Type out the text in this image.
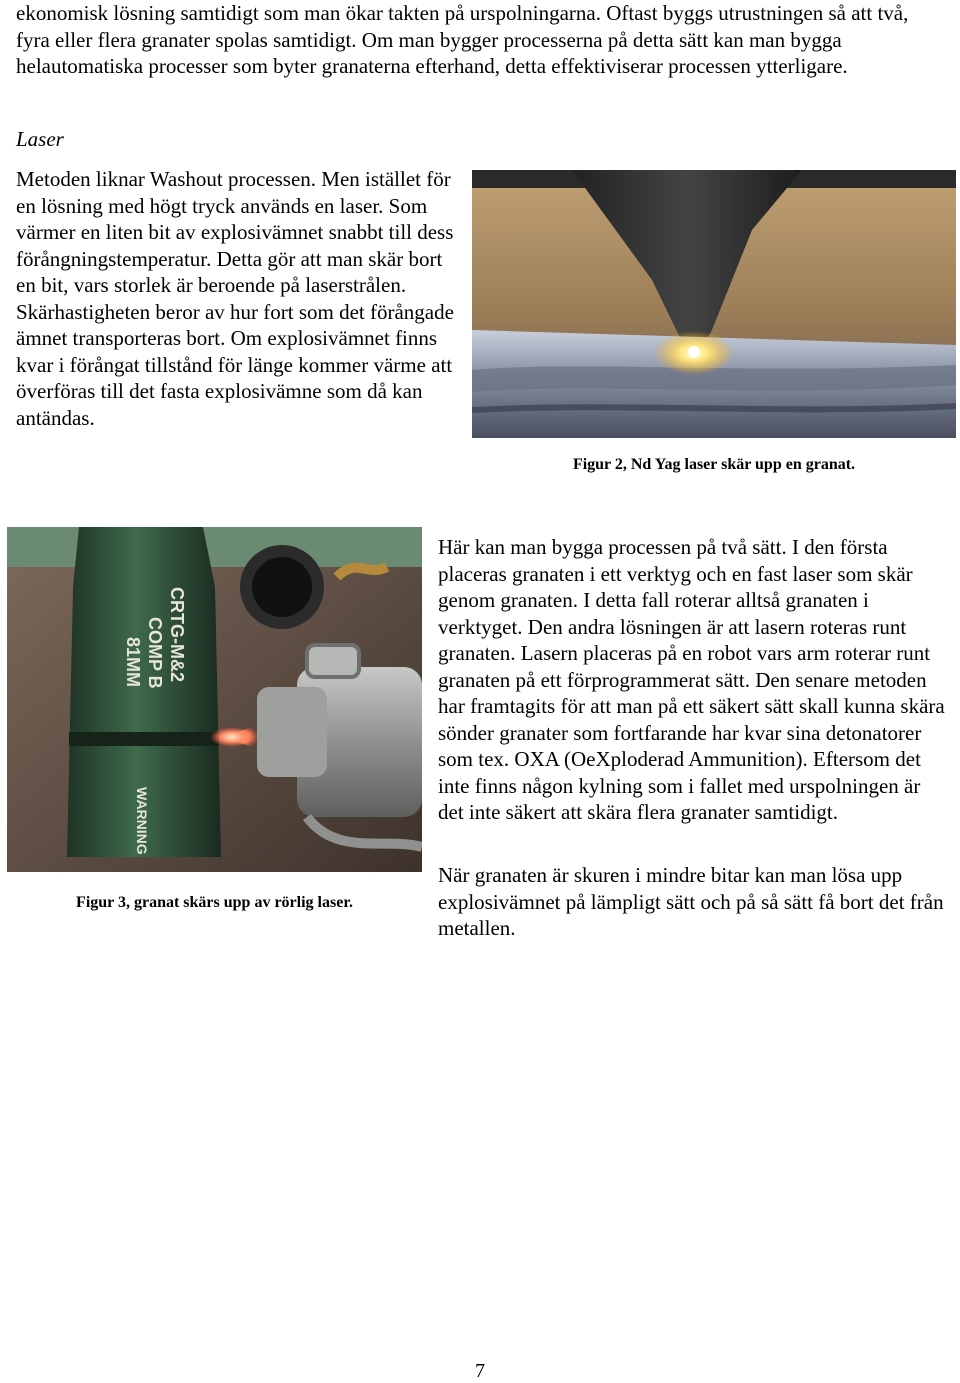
ekonomisk lösning samtidigt som man ökar takten på urspolningarna. Oftast byggs utrustningen så att två, fyra eller flera granater spolas samtidigt. Om man bygger processerna på detta sätt kan man bygga helautomatiska processer som byter granaterna efterhand, detta effektiviserar processen ytterligare.

Laser

Metoden liknar Washout processen. Men istället för en lösning med högt tryck används en laser. Som värmer en liten bit av explosivämnet snabbt till dess förångningstemperatur. Detta gör att man skär bort en bit, vars storlek är beroende på laserstrålen. Skärhastigheten beror av hur fort som det förångade ämnet transporteras bort. Om explosivämnet finns kvar i förångat tillstånd för länge kommer värme att överföras till det fasta explosivämne som då kan antändas.

Figur 2, Nd Yag laser skär upp en granat.
81MM COMP B CRTG-M&2
WARNING
Figur 3, granat skärs upp av rörlig laser.

Här kan man bygga processen på två sätt. I den första placeras granaten i ett verktyg och en fast laser som skär genom granaten. I detta fall roterar alltså granaten i verktyget. Den andra lösningen är att lasern roteras runt granaten. Lasern placeras på en robot vars arm roterar runt granaten på ett förprogrammerat sätt. Den senare metoden har framtagits för att man på ett säkert sätt skall kunna skära sönder granater som fortfarande har kvar sina detonatorer som tex. OXA (OeXploderad Ammunition). Eftersom det inte finns någon kylning som i fallet med urspolningen är det inte säkert att skära flera granater samtidigt.

När granaten är skuren i mindre bitar kan man lösa upp explosivämnet på lämpligt sätt och på så sätt få bort det från metallen.

7
